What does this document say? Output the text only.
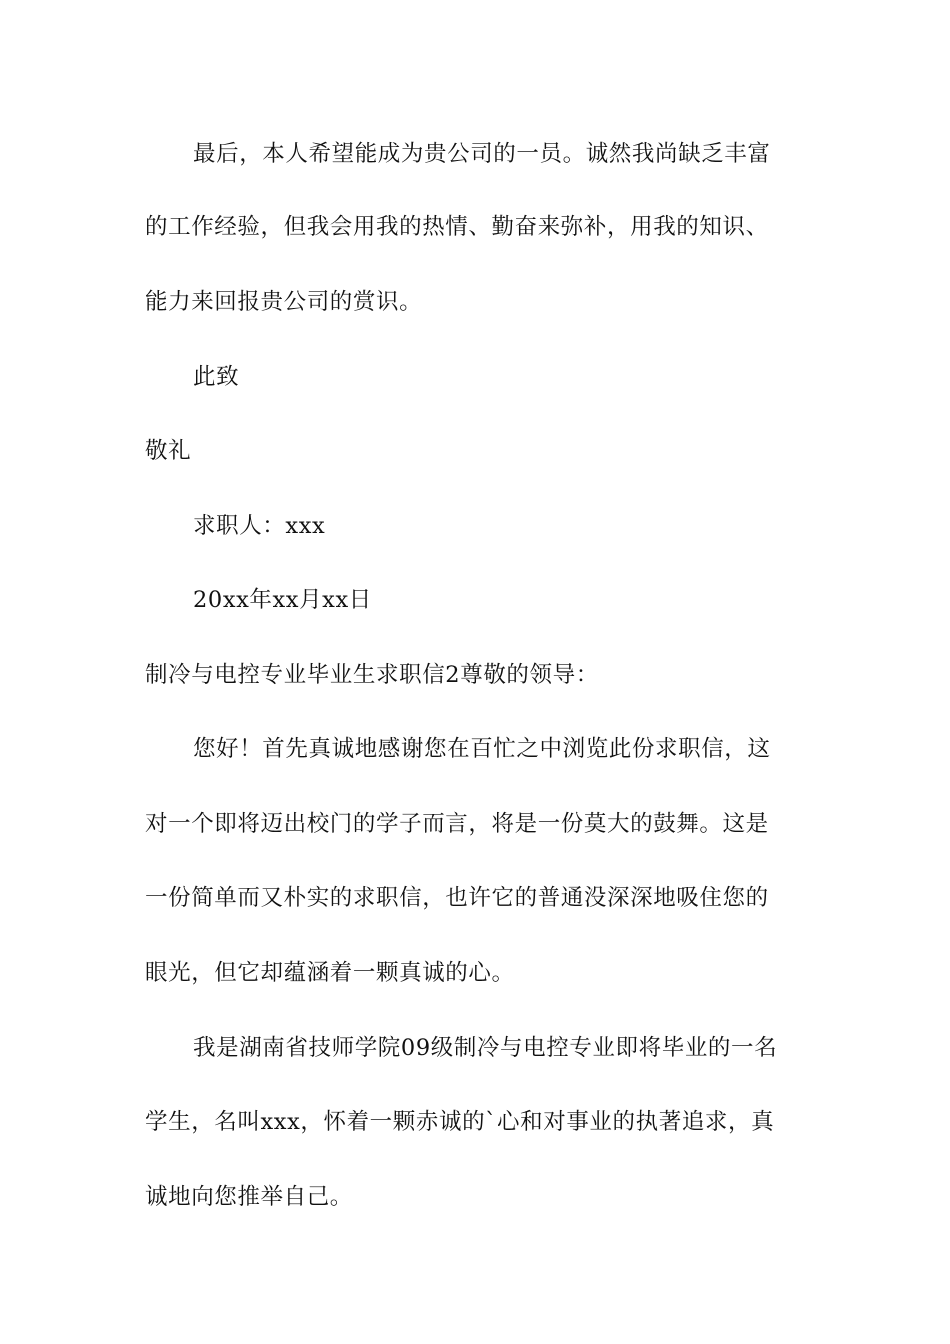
最后，本人希望能成为贵公司的一员。诚然我尚缺乏丰富
的工作经验，但我会用我的热情、勤奋来弥补，用我的知识、
能力来回报贵公司的赏识。
此致
敬礼
求职人：xxx
20xx年xx月xx日
制冷与电控专业毕业生求职信2尊敬的领导：
您好！首先真诚地感谢您在百忙之中浏览此份求职信，这
对一个即将迈出校门的学子而言，将是一份莫大的鼓舞。这是
一份简单而又朴实的求职信，也许它的普通没深深地吸住您的
眼光，但它却蕴涵着一颗真诚的心。
我是湖南省技师学院09级制冷与电控专业即将毕业的一名
学生，名叫xxx，怀着一颗赤诚的`心和对事业的执著追求，真
诚地向您推举自己。
